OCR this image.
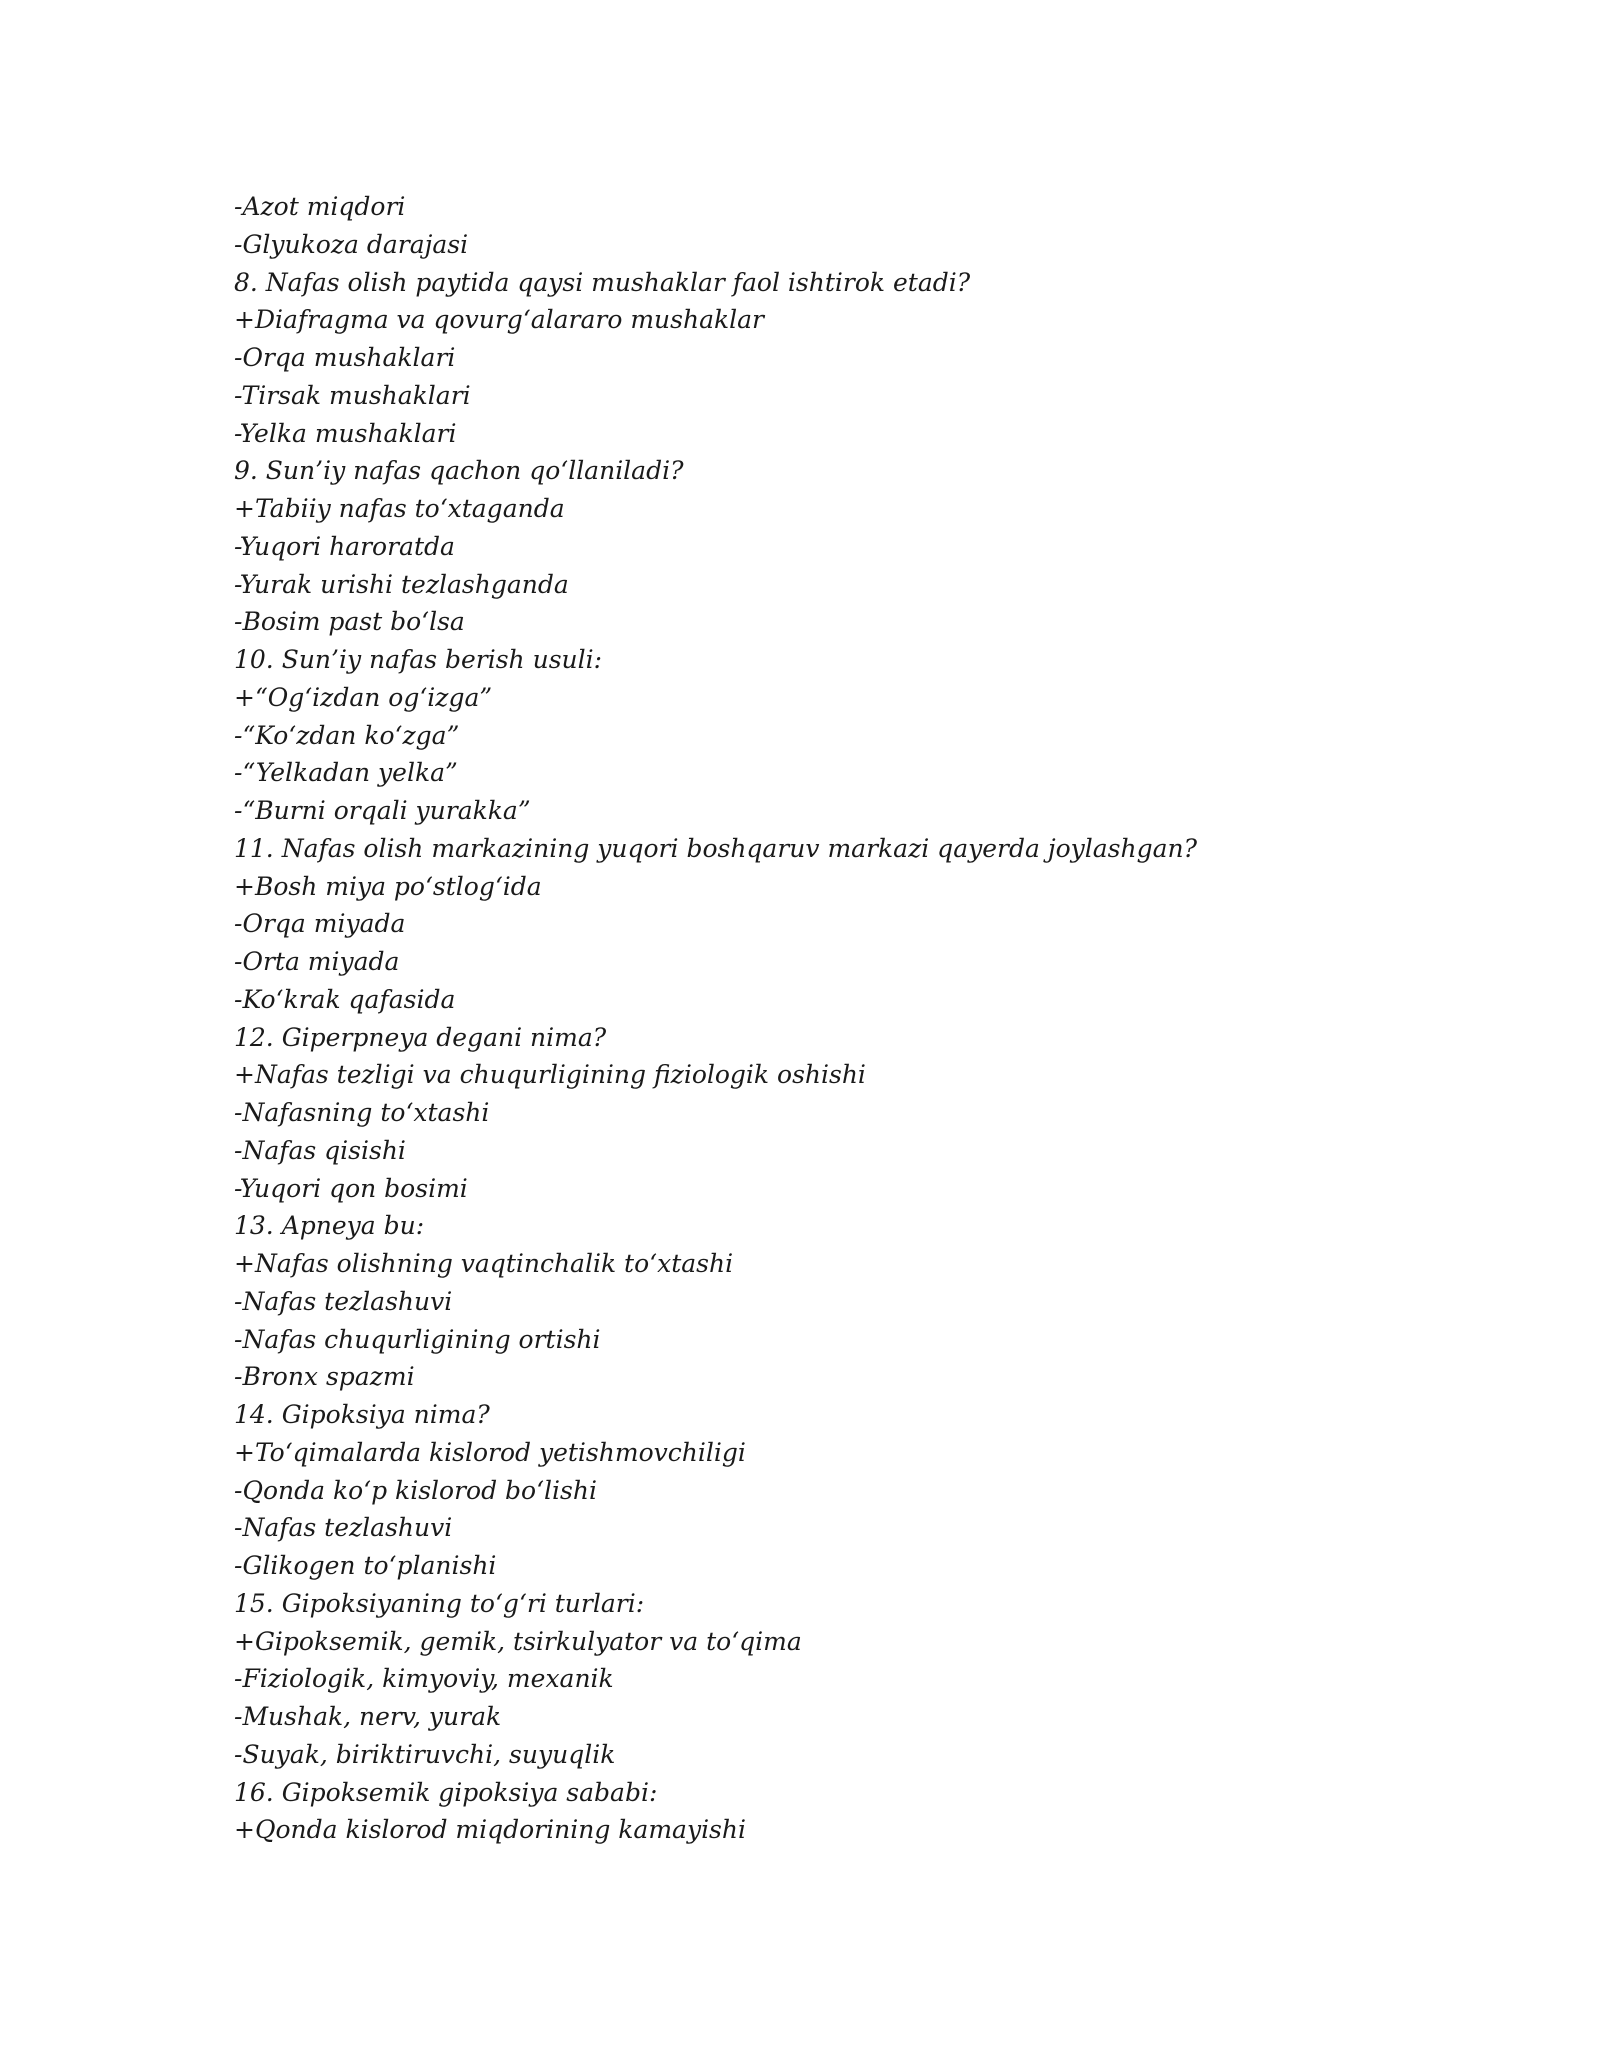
-Azot miqdori
-Glyukoza darajasi
8. Nafas olish paytida qaysi mushaklar faol ishtirok etadi?
+Diafragma va qovurg‘alararo mushaklar
-Orqa mushaklari
-Tirsak mushaklari
-Yelka mushaklari
9. Sun’iy nafas qachon qo‘llaniladi?
+Tabiiy nafas to‘xtaganda
-Yuqori haroratda
-Yurak urishi tezlashganda
-Bosim past bo‘lsa
10. Sun’iy nafas berish usuli:
+“Og‘izdan og‘izga”
-“Ko‘zdan ko‘zga”
-“Yelkadan yelka”
-“Burni orqali yurakka”
11. Nafas olish markazining yuqori boshqaruv markazi qayerda joylashgan?
+Bosh miya po‘stlog‘ida
-Orqa miyada
-Orta miyada
-Ko‘krak qafasida
12. Giperpneya degani nima?
+Nafas tezligi va chuqurligining fiziologik oshishi
-Nafasning to‘xtashi
-Nafas qisishi
-Yuqori qon bosimi
13. Apneya bu:
+Nafas olishning vaqtinchalik to‘xtashi
-Nafas tezlashuvi
-Nafas chuqurligining ortishi
-Bronx spazmi
14. Gipoksiya nima?
+To‘qimalarda kislorod yetishmovchiligi
-Qonda ko‘p kislorod bo‘lishi
-Nafas tezlashuvi
-Glikogen to‘planishi
15. Gipoksiyaning to‘g‘ri turlari:
+Gipoksemik, gemik, tsirkulyator va to‘qima
-Fiziologik, kimyoviy, mexanik
-Mushak, nerv, yurak
-Suyak, biriktiruvchi, suyuqlik
16. Gipoksemik gipoksiya sababi:
+Qonda kislorod miqdorining kamayishi
